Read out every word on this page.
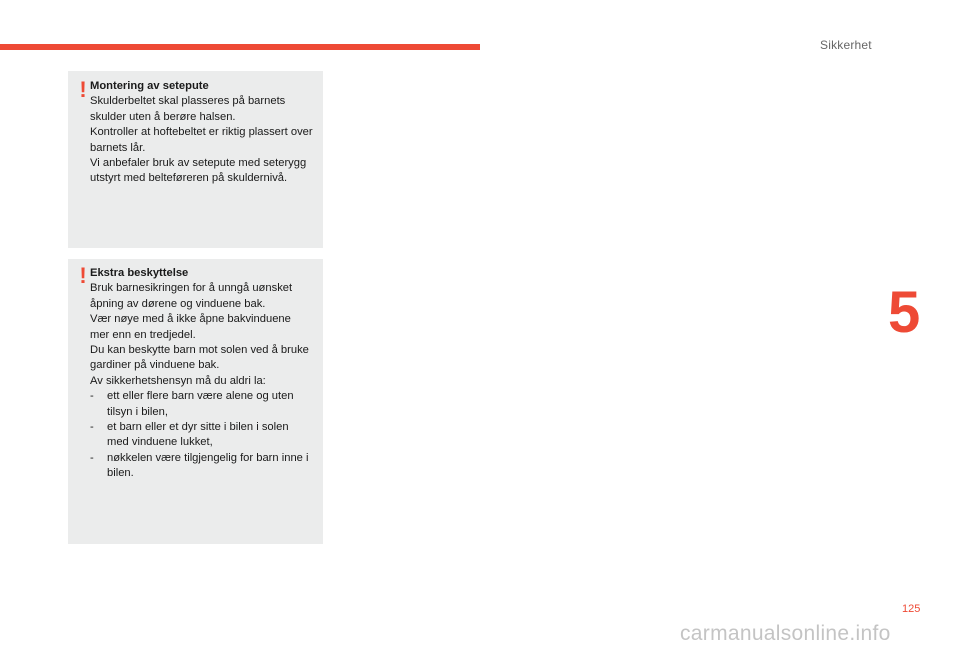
Sikkerhet
! Montering av setepute

Skulderbeltet skal plasseres på barnets skulder uten å berøre halsen.

Kontroller at hoftebeltet er riktig plassert over barnets lår.

Vi anbefaler bruk av setepute med seterygg utstyrt med belteføreren på skuldernivå.

! Ekstra beskyttelse

Bruk barnesikringen for å unngå uønsket åpning av dørene og vinduene bak.

Vær nøye med å ikke åpne bakvinduene mer enn en tredjedel.

Du kan beskytte barn mot solen ved å bruke gardiner på vinduene bak.

Av sikkerhetshensyn må du aldri la:

- ett eller flere barn være alene og uten tilsyn i bilen,
- et barn eller et dyr sitte i bilen i solen med vinduene lukket,
- nøkkelen være tilgjengelig for barn inne i bilen.
5
125
carmanualsonline.info
